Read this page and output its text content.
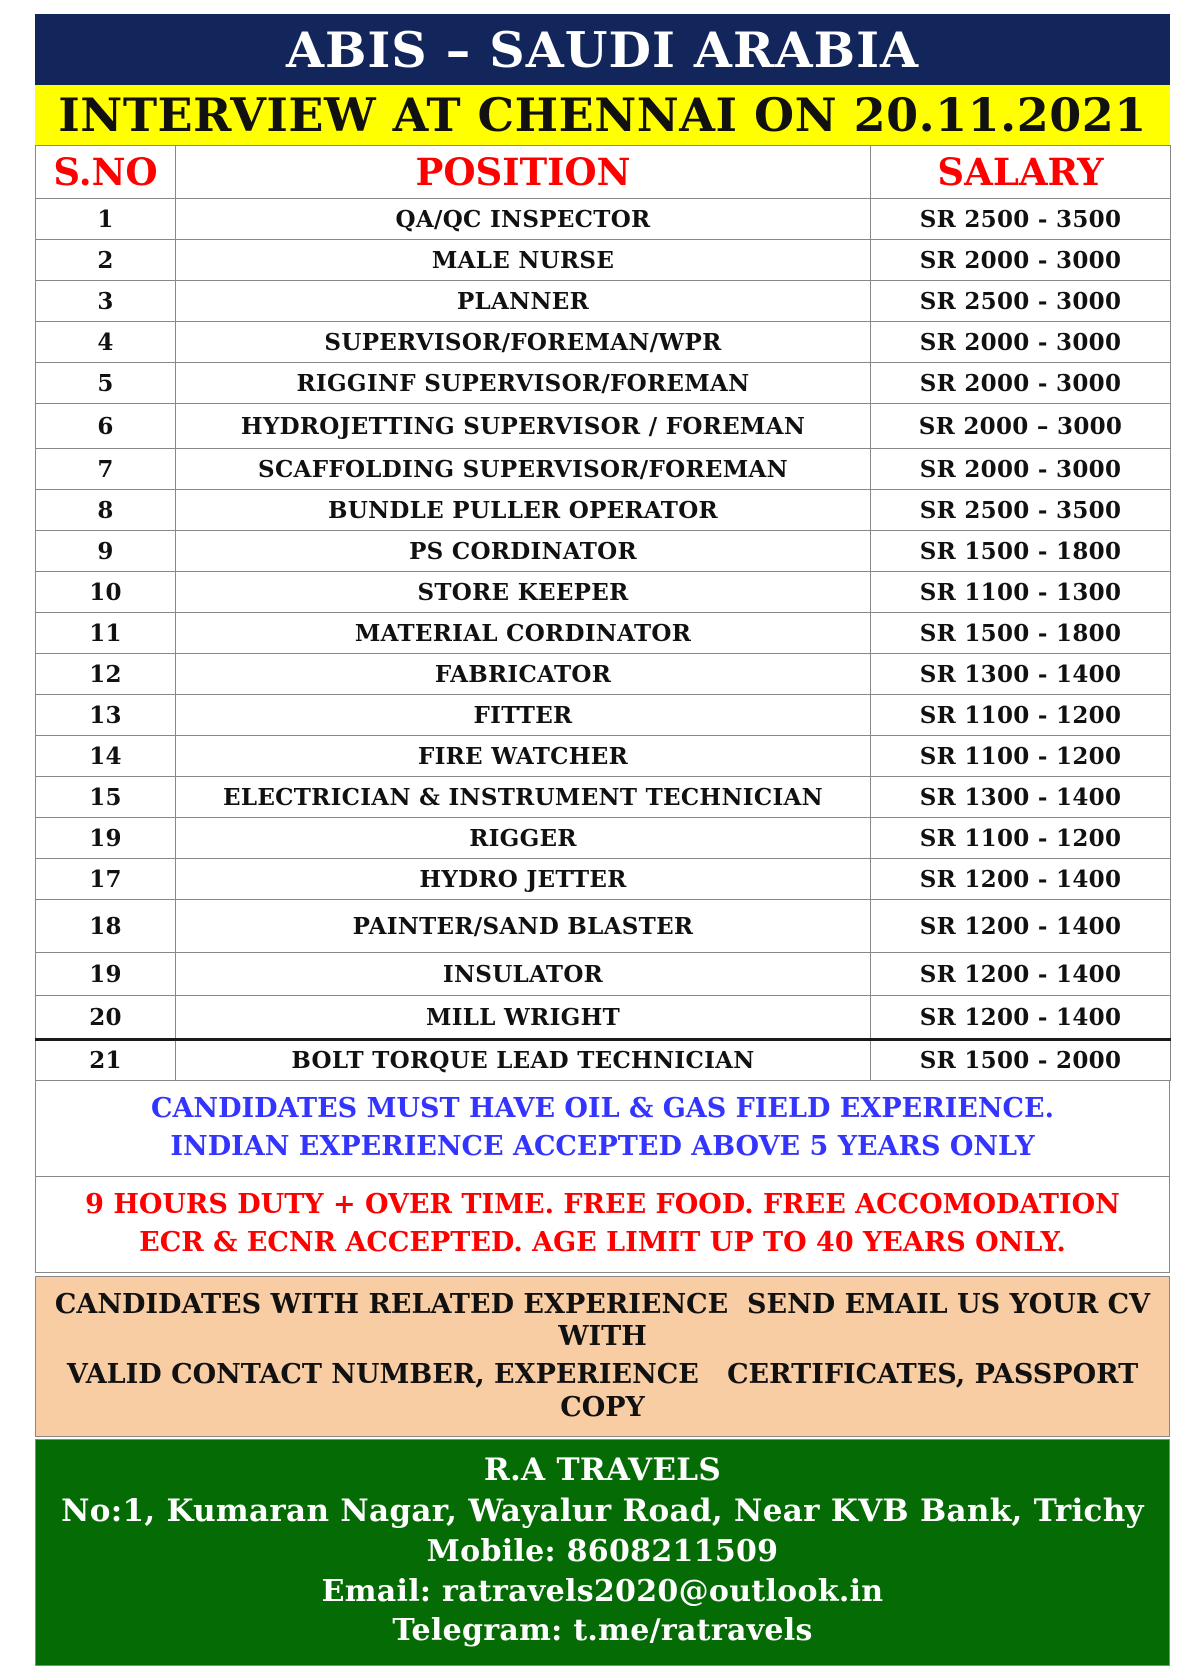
ABIS – SAUDI ARABIA
INTERVIEW AT CHENNAI ON 20.11.2021
S.NO	POSITION	SALARY
1	QA/QC INSPECTOR	SR 2500 - 3500
2	MALE NURSE	SR 2000 - 3000
3	PLANNER	SR 2500 - 3000
4	SUPERVISOR/FOREMAN/WPR	SR 2000 - 3000
5	RIGGINF SUPERVISOR/FOREMAN	SR 2000 - 3000
6	HYDROJETTING SUPERVISOR / FOREMAN	SR 2000 – 3000
7	SCAFFOLDING SUPERVISOR/FOREMAN	SR 2000 - 3000
8	BUNDLE PULLER OPERATOR	SR 2500 - 3500
9	PS CORDINATOR	SR 1500 - 1800
10	STORE KEEPER	SR 1100 - 1300
11	MATERIAL CORDINATOR	SR 1500 - 1800
12	FABRICATOR	SR 1300 - 1400
13	FITTER	SR 1100 - 1200
14	FIRE WATCHER	SR 1100 - 1200
15	ELECTRICIAN & INSTRUMENT TECHNICIAN	SR 1300 - 1400
19	RIGGER	SR 1100 - 1200
17	HYDRO JETTER	SR 1200 - 1400
18	PAINTER/SAND BLASTER	SR 1200 - 1400
19	INSULATOR	SR 1200 - 1400
20	MILL WRIGHT	SR 1200 - 1400
21	BOLT TORQUE LEAD TECHNICIAN	SR 1500 - 2000
CANDIDATES MUST HAVE OIL & GAS FIELD EXPERIENCE.
INDIAN EXPERIENCE ACCEPTED ABOVE 5 YEARS ONLY
9 HOURS DUTY + OVER TIME. FREE FOOD. FREE ACCOMODATION
ECR & ECNR ACCEPTED. AGE LIMIT UP TO 40 YEARS ONLY.
CANDIDATES WITH RELATED EXPERIENCE  SEND EMAIL US YOUR CV WITH
VALID CONTACT NUMBER, EXPERIENCE   CERTIFICATES, PASSPORT COPY
R.A TRAVELS
No:1, Kumaran Nagar, Wayalur Road, Near KVB Bank, Trichy
Mobile: 8608211509
Email: ratravels2020@outlook.in
Telegram: t.me/ratravels
